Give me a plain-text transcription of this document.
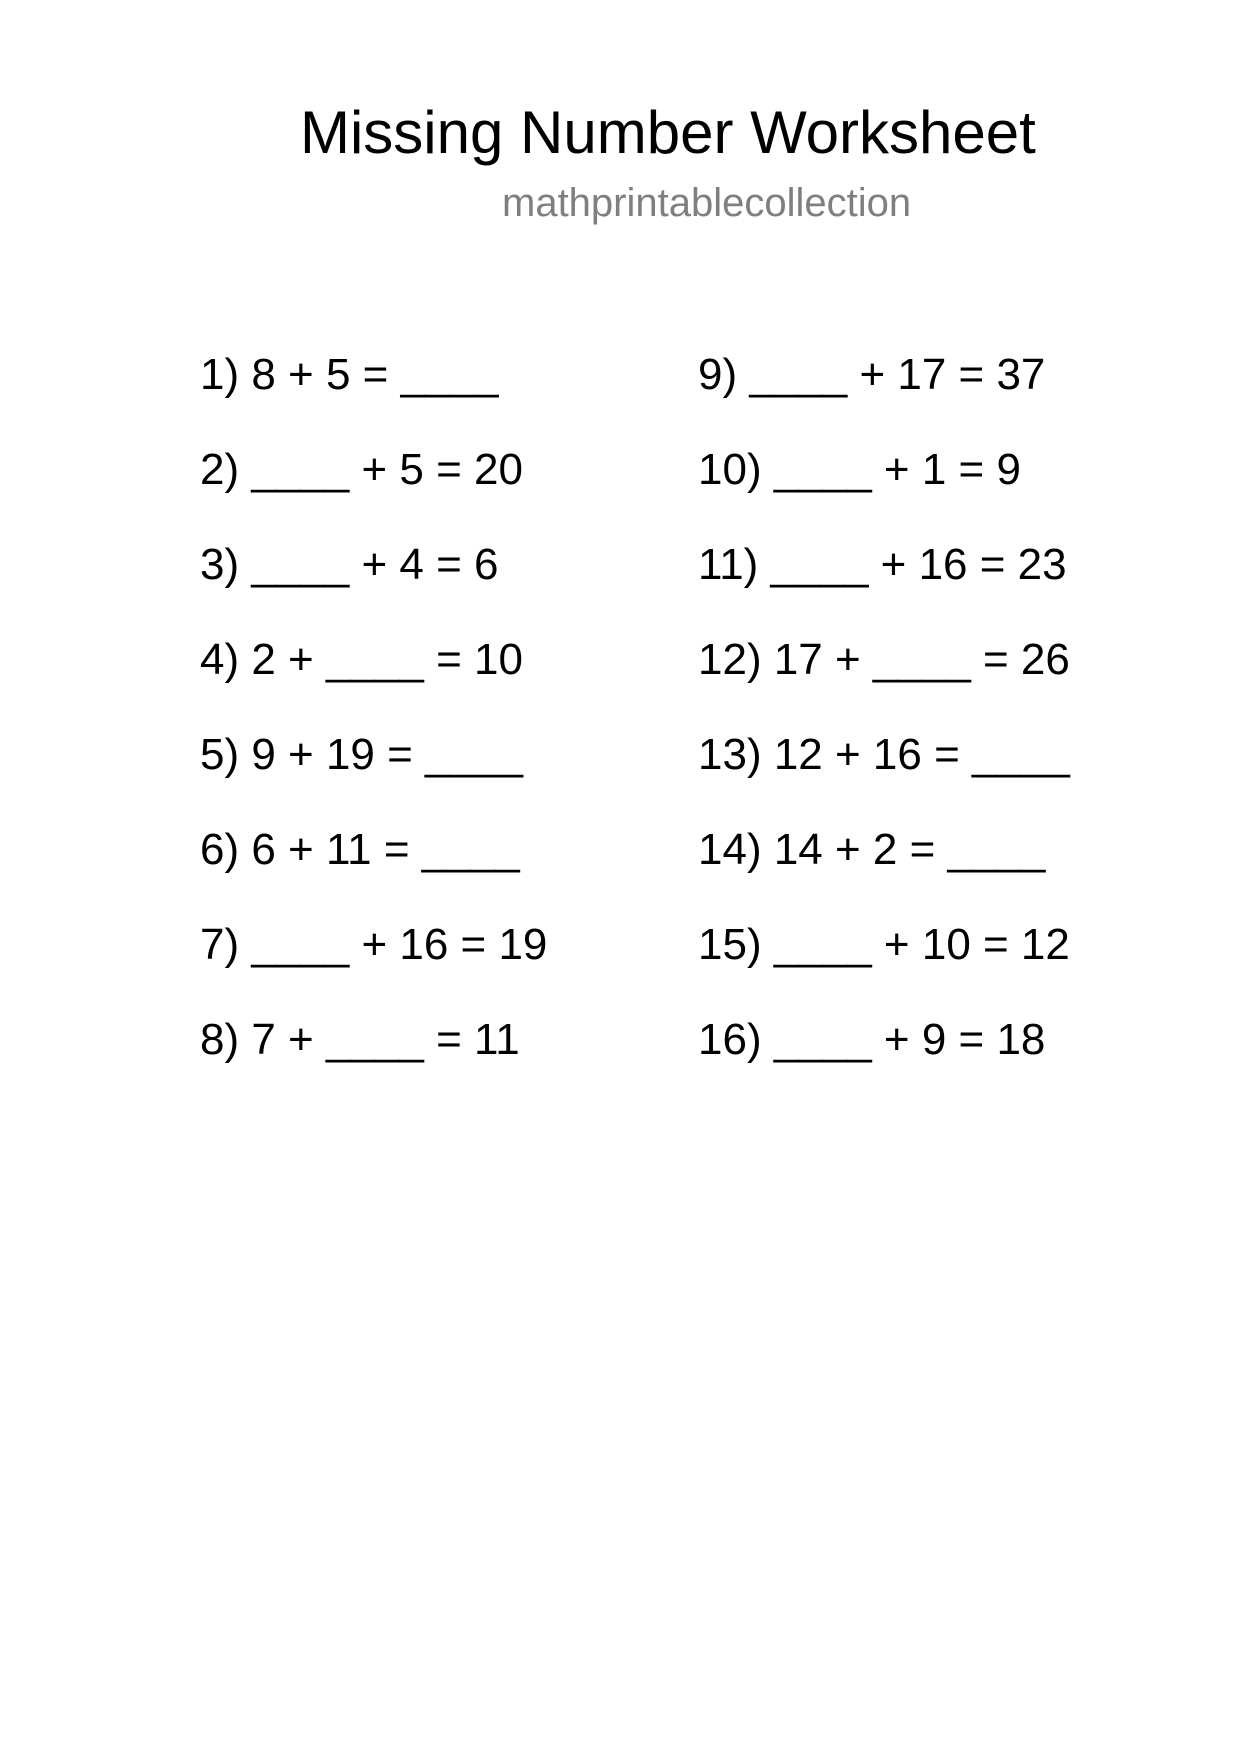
Missing Number Worksheet
mathprintablecollection
1) 8 + 5 = ____
2) ____ + 5 = 20
3) ____ + 4 = 6
4) 2 + ____ = 10
5) 9 + 19 = ____
6) 6 + 11 = ____
7) ____ + 16 = 19
8) 7 + ____ = 11
9) ____ + 17 = 37
10) ____ + 1 = 9
11) ____ + 16 = 23
12) 17 + ____ = 26
13) 12 + 16 = ____
14) 14 + 2 = ____
15) ____ + 10 = 12
16) ____ + 9 = 18
